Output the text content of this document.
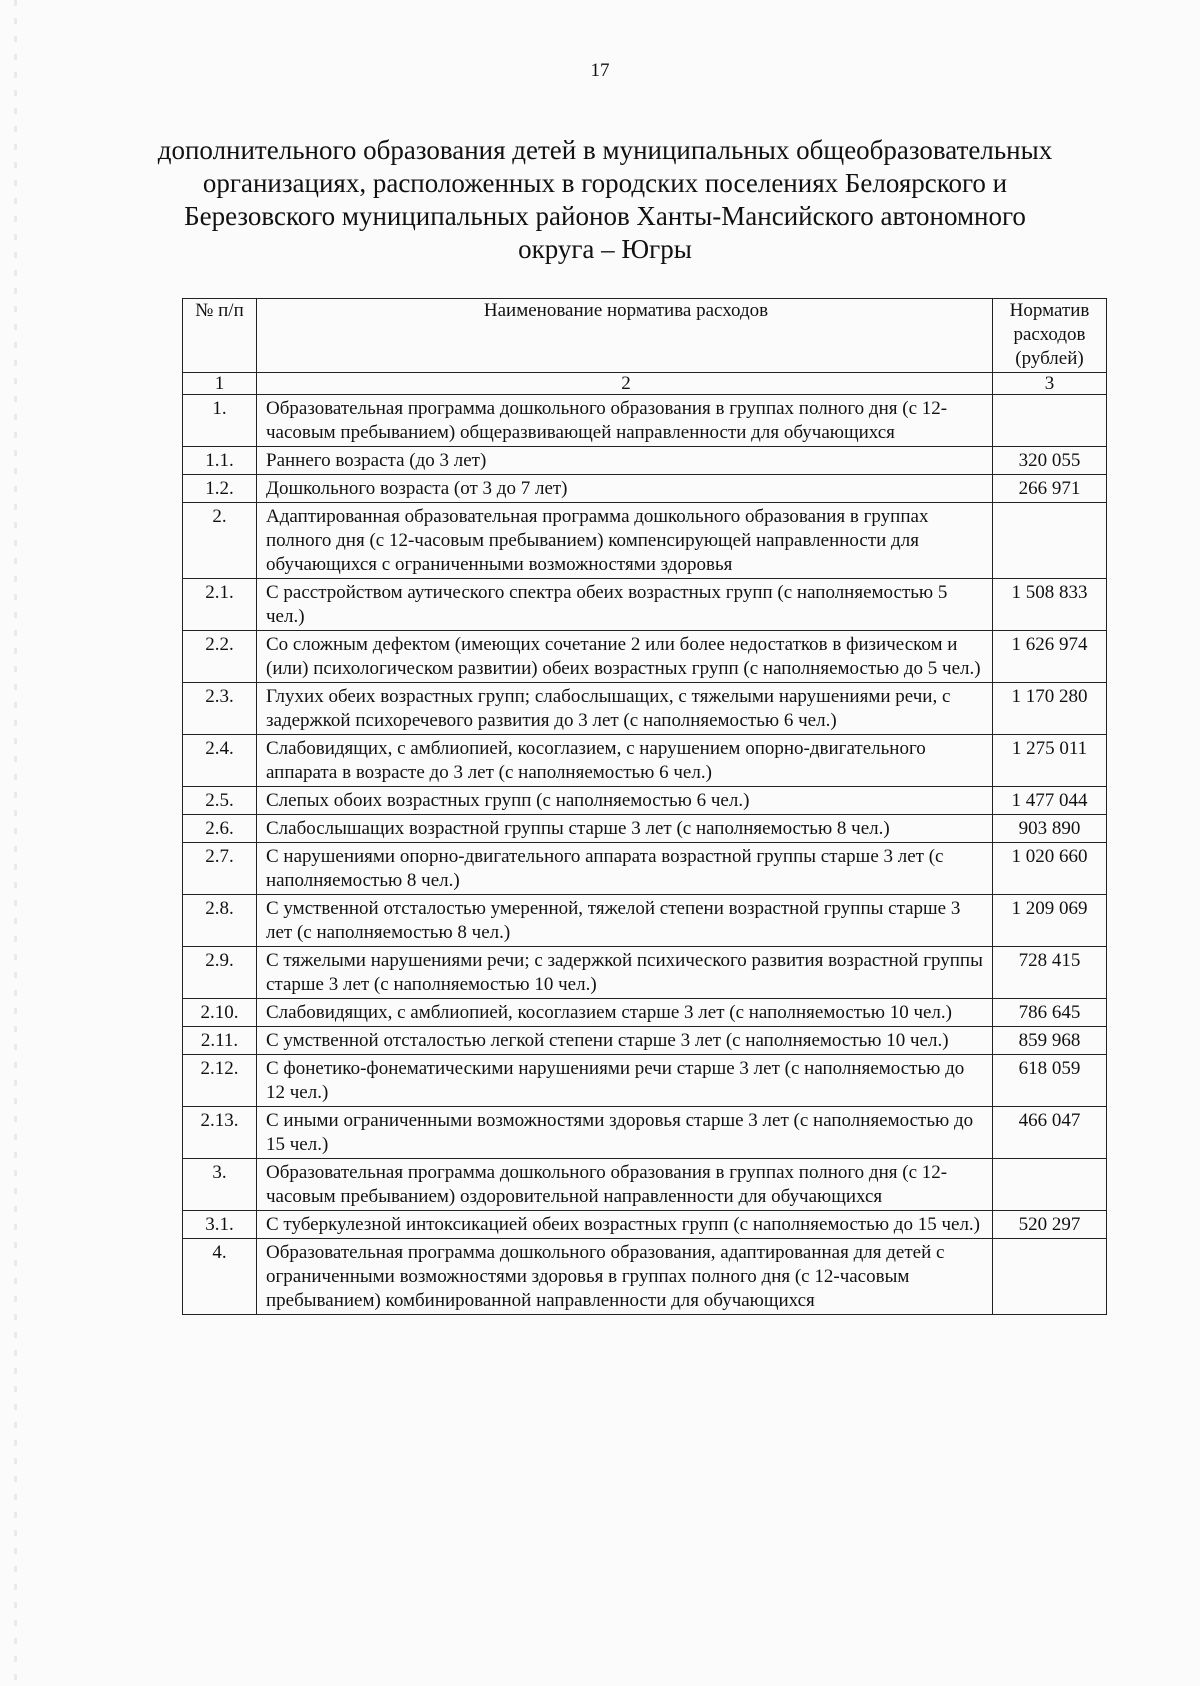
17
дополнительного образования детей в муниципальных общеобразовательных организациях, расположенных в городских поселениях Белоярского и Березовского муниципальных районов Ханты-Мансийского автономного округа – Югры
№ п/п	Наименование норматива расходов	Норматив расходов (рублей)
1	2	3
1.	Образовательная программа дошкольного образования в группах полного дня (с 12-часовым пребыванием) общеразвивающей направленности для обучающихся	
1.1.	Раннего возраста (до 3 лет)	320 055
1.2.	Дошкольного возраста (от 3 до 7 лет)	266 971
2.	Адаптированная образовательная программа дошкольного образования в группах полного дня (с 12-часовым пребыванием) компенсирующей направленности для обучающихся с ограниченными возможностями здоровья	
2.1.	С расстройством аутического спектра обеих возрастных групп (с наполняемостью 5 чел.)	1 508 833
2.2.	Со сложным дефектом (имеющих сочетание 2 или более недостатков в физическом и (или) психологическом развитии) обеих возрастных групп (с наполняемостью до 5 чел.)	1 626 974
2.3.	Глухих обеих возрастных групп; слабослышащих, с тяжелыми нарушениями речи, с задержкой психоречевого развития до 3 лет (с наполняемостью 6 чел.)	1 170 280
2.4.	Слабовидящих, с амблиопией, косоглазием, с нарушением опорно-двигательного аппарата в возрасте до 3 лет (с наполняемостью 6 чел.)	1 275 011
2.5.	Слепых обоих возрастных групп (с наполняемостью 6 чел.)	1 477 044
2.6.	Слабослышащих возрастной группы старше 3 лет (с наполняемостью 8 чел.)	903 890
2.7.	С нарушениями опорно-двигательного аппарата возрастной группы старше 3 лет (с наполняемостью 8 чел.)	1 020 660
2.8.	С умственной отсталостью умеренной, тяжелой степени возрастной группы старше 3 лет (с наполняемостью 8 чел.)	1 209 069
2.9.	С тяжелыми нарушениями речи; с задержкой психического развития возрастной группы старше 3 лет (с наполняемостью 10 чел.)	728 415
2.10.	Слабовидящих, с амблиопией, косоглазием старше 3 лет (с наполняемостью 10 чел.)	786 645
2.11.	С умственной отсталостью легкой степени старше 3 лет (с наполняемостью 10 чел.)	859 968
2.12.	С фонетико-фонематическими нарушениями речи старше 3 лет (с наполняемостью до 12 чел.)	618 059
2.13.	С иными ограниченными возможностями здоровья старше 3 лет (с наполняемостью до 15 чел.)	466 047
3.	Образовательная программа дошкольного образования в группах полного дня (с 12-часовым пребыванием) оздоровительной направленности для обучающихся	
3.1.	С туберкулезной интоксикацией обеих возрастных групп (с наполняемостью до 15 чел.)	520 297
4.	Образовательная программа дошкольного образования, адаптированная для детей с ограниченными возможностями здоровья в группах полного дня (с 12-часовым пребыванием) комбинированной направленности для обучающихся	
